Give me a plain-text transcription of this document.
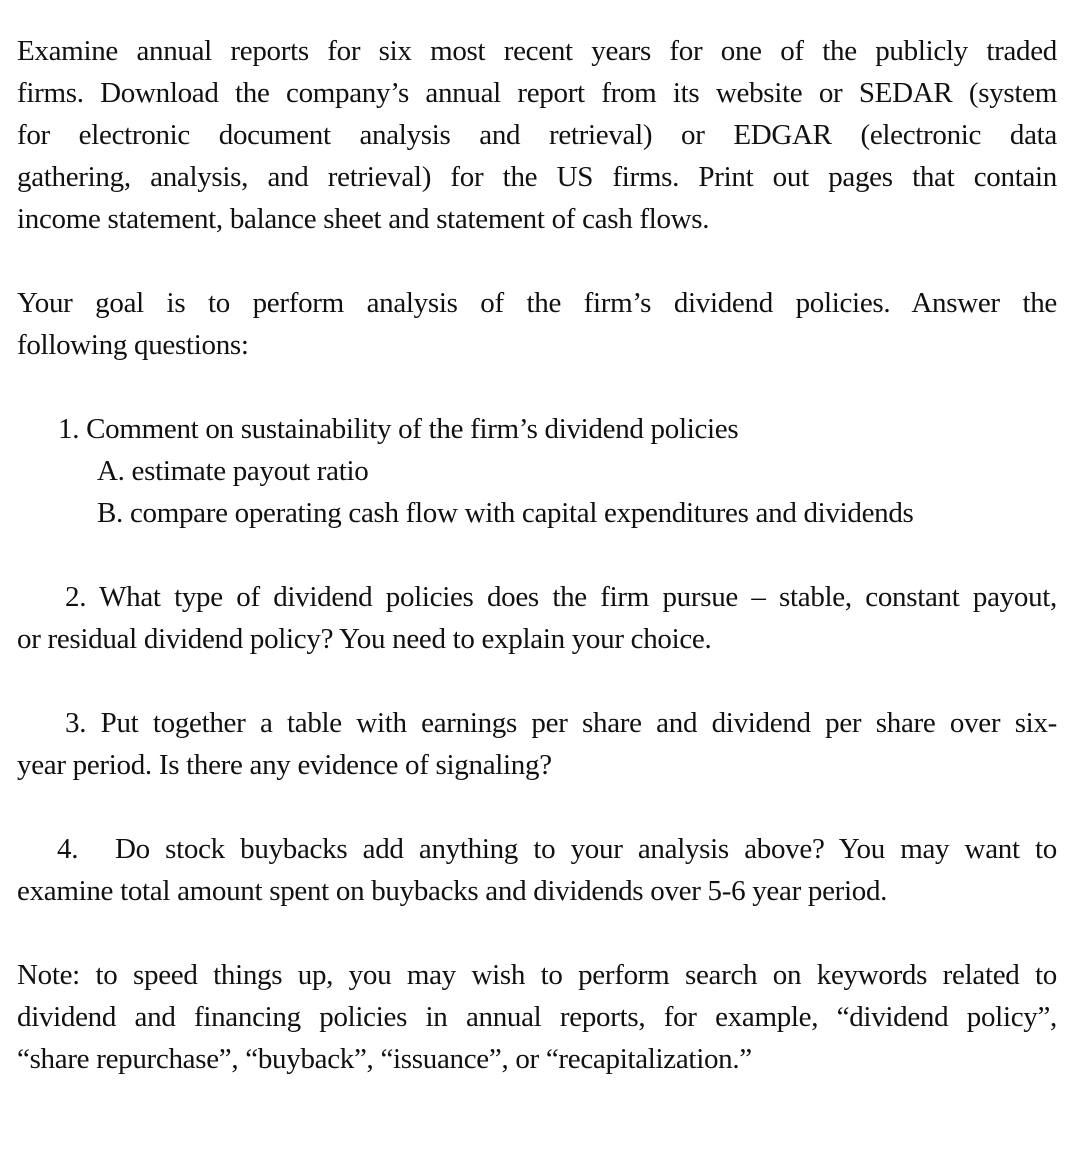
Examine annual reports for six most recent years for one of the publicly traded
firms. Download the company’s annual report from its website or SEDAR (system
for electronic document analysis and retrieval) or EDGAR (electronic data
gathering, analysis, and retrieval) for the US firms. Print out pages that contain
income statement, balance sheet and statement of cash flows.
Your goal is to perform analysis of the firm’s dividend policies. Answer the
following questions:
1. Comment on sustainability of the firm’s dividend policies
A. estimate payout ratio
B. compare operating cash flow with capital expenditures and dividends
2. What type of dividend policies does the firm pursue – stable, constant payout,
or residual dividend policy? You need to explain your choice.
3. Put together a table with earnings per share and dividend per share over six-
year period. Is there any evidence of signaling?
4. Do stock buybacks add anything to your analysis above? You may want to
examine total amount spent on buybacks and dividends over 5-6 year period.
Note: to speed things up, you may wish to perform search on keywords related to
dividend and financing policies in annual reports, for example, “dividend policy”,
“share repurchase”, “buyback”, “issuance”, or “recapitalization.”
